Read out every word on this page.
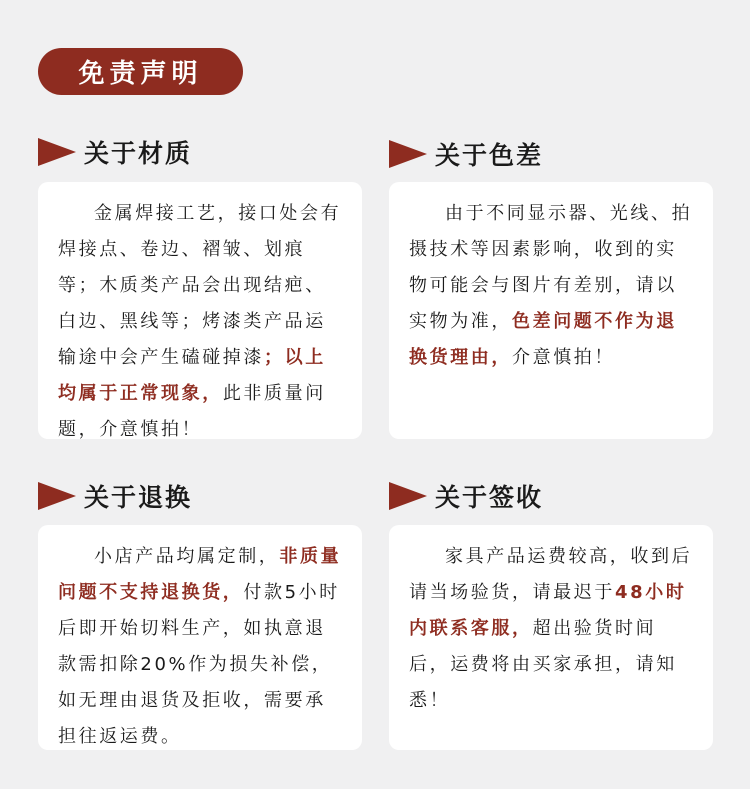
免责声明
关于材质

金属焊接工艺，接口处会有焊接点、卷边、褶皱、划痕等；木质类产品会出现结疤、白边、黑线等；烤漆类产品运输途中会产生磕碰掉漆；以上均属于正常现象，此非质量问题，介意慎拍！

关于色差

由于不同显示器、光线、拍摄技术等因素影响，收到的实物可能会与图片有差别，请以实物为准，色差问题不作为退换货理由，介意慎拍！

关于退换

小店产品均属定制，非质量问题不支持退换货，付款5小时后即开始切料生产，如执意退款需扣除20%作为损失补偿，如无理由退货及拒收，需要承担往返运费。

关于签收

家具产品运费较高，收到后请当场验货，请最迟于48小时内联系客服，超出验货时间后，运费将由买家承担，请知悉！
